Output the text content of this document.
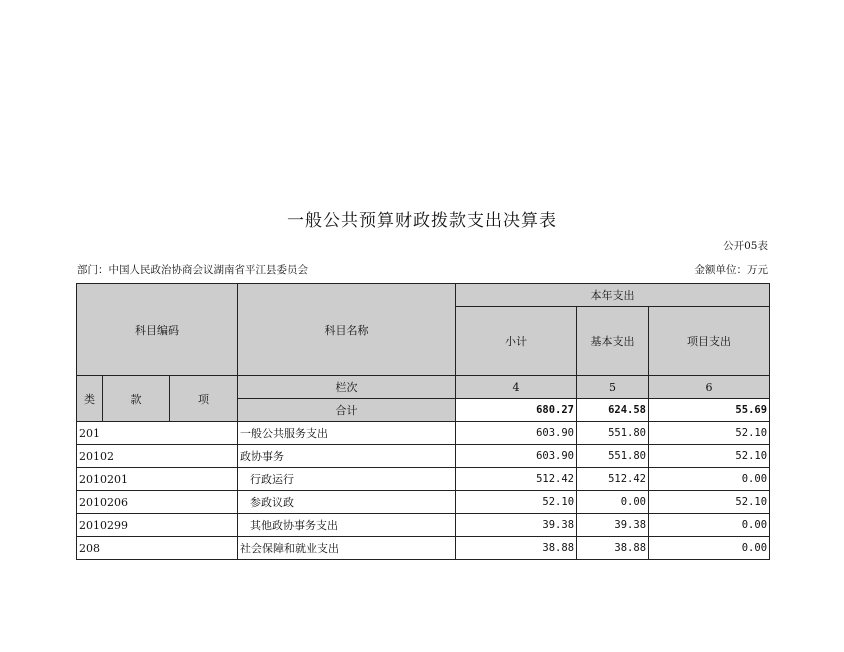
一般公共预算财政拨款支出决算表
公开05表
部门：中国人民政治协商会议湖南省平江县委员会	金额单位：万元
科目编码			科目名称	本年支出		
				小计	基本支出	项目支出
类	款	项	栏次	4	5	6
			合计	680.27	624.58	55.69
201			一般公共服务支出	603.90	551.80	52.10
20102			政协事务	603.90	551.80	52.10
2010201			行政运行	512.42	512.42	0.00
2010206			参政议政	52.10	0.00	52.10
2010299			其他政协事务支出	39.38	39.38	0.00
208			社会保障和就业支出	38.88	38.88	0.00
